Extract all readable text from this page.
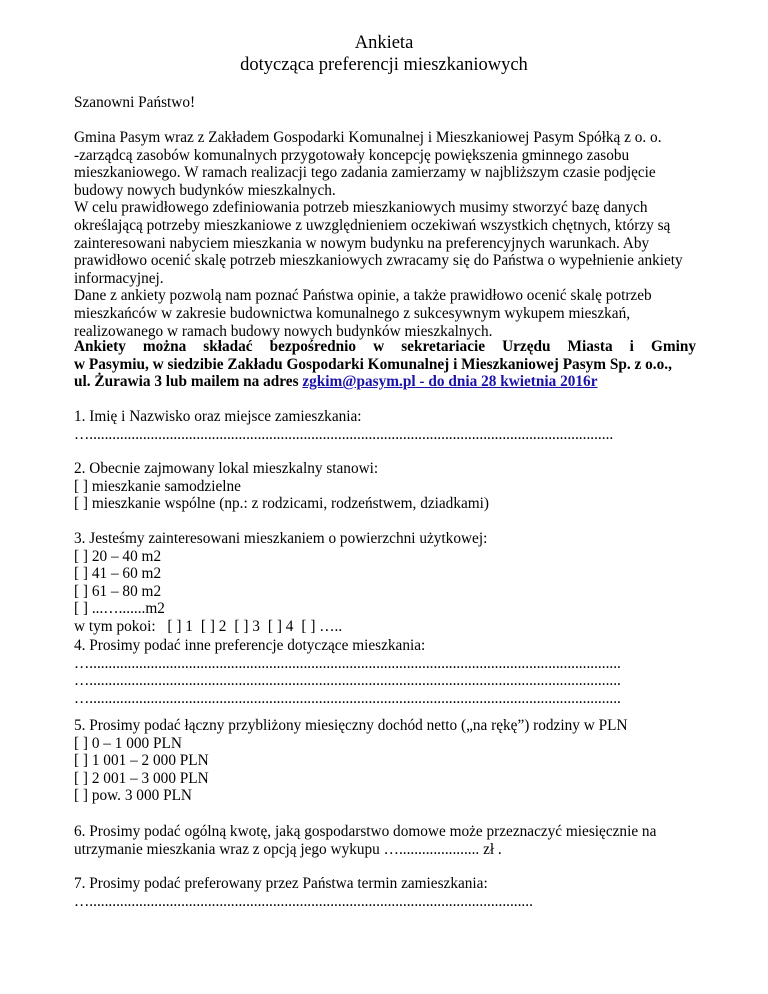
Ankieta
dotycząca preferencji mieszkaniowych
Szanowni Państwo!
Gmina Pasym wraz z Zakładem Gospodarki Komunalnej i Mieszkaniowej Pasym Spółką z o. o.
-zarządcą zasobów komunalnych przygotowały koncepcję powiększenia gminnego zasobu
mieszkaniowego. W ramach realizacji tego zadania zamierzamy w najbliższym czasie podjęcie
budowy nowych budynków mieszkalnych.
W celu prawidłowego zdefiniowania potrzeb mieszkaniowych musimy stworzyć bazę danych
określającą potrzeby mieszkaniowe z uwzględnieniem oczekiwań wszystkich chętnych, którzy są
zainteresowani nabyciem mieszkania w nowym budynku na preferencyjnych warunkach. Aby
prawidłowo ocenić skalę potrzeb mieszkaniowych zwracamy się do Państwa o wypełnienie ankiety
informacyjnej.
Dane z ankiety pozwolą nam poznać Państwa opinie, a także prawidłowo ocenić skalę potrzeb
mieszkańców w zakresie budownictwa komunalnego z sukcesywnym wykupem mieszkań,
realizowanego w ramach budowy nowych budynków mieszkalnych.
Ankiety można składać bezpośrednio w sekretariacie Urzędu Miasta i Gminy
w Pasymiu, w siedzibie Zakładu Gospodarki Komunalnej i Mieszkaniowej Pasym Sp. z o.o.,
ul. Żurawia 3 lub mailem na adres zgkim@pasym.pl - do dnia 28 kwietnia 2016r
1. Imię i Nazwisko oraz miejsce zamieszkania:
….........................................................................................................................................
2. Obecnie zajmowany lokal mieszkalny stanowi:
[ ] mieszkanie samodzielne
[ ] mieszkanie wspólne (np.: z rodzicami, rodzeństwem, dziadkami)
3. Jesteśmy zainteresowani mieszkaniem o powierzchni użytkowej:
[ ] 20 – 40 m2
[ ] 41 – 60 m2
[ ] 61 – 80 m2
[ ] ...….......m2
w tym pokoi: [ ] 1 [ ] 2 [ ] 3 [ ] 4 [ ] …..
4. Prosimy podać inne preferencje dotyczące mieszkania:
…...........................................................................................................................................
…...........................................................................................................................................
…...........................................................................................................................................
5. Prosimy podać łączny przybliżony miesięczny dochód netto („na rękę”) rodziny w PLN
[ ] 0 – 1 000 PLN
[ ] 1 001 – 2 000 PLN
[ ] 2 001 – 3 000 PLN
[ ] pow. 3 000 PLN
6. Prosimy podać ogólną kwotę, jaką gospodarstwo domowe może przeznaczyć miesięcznie na
utrzymanie mieszkania wraz z opcją jego wykupu …..................... zł .
7. Prosimy podać preferowany przez Państwa termin zamieszkania:
…....................................................................................................................
